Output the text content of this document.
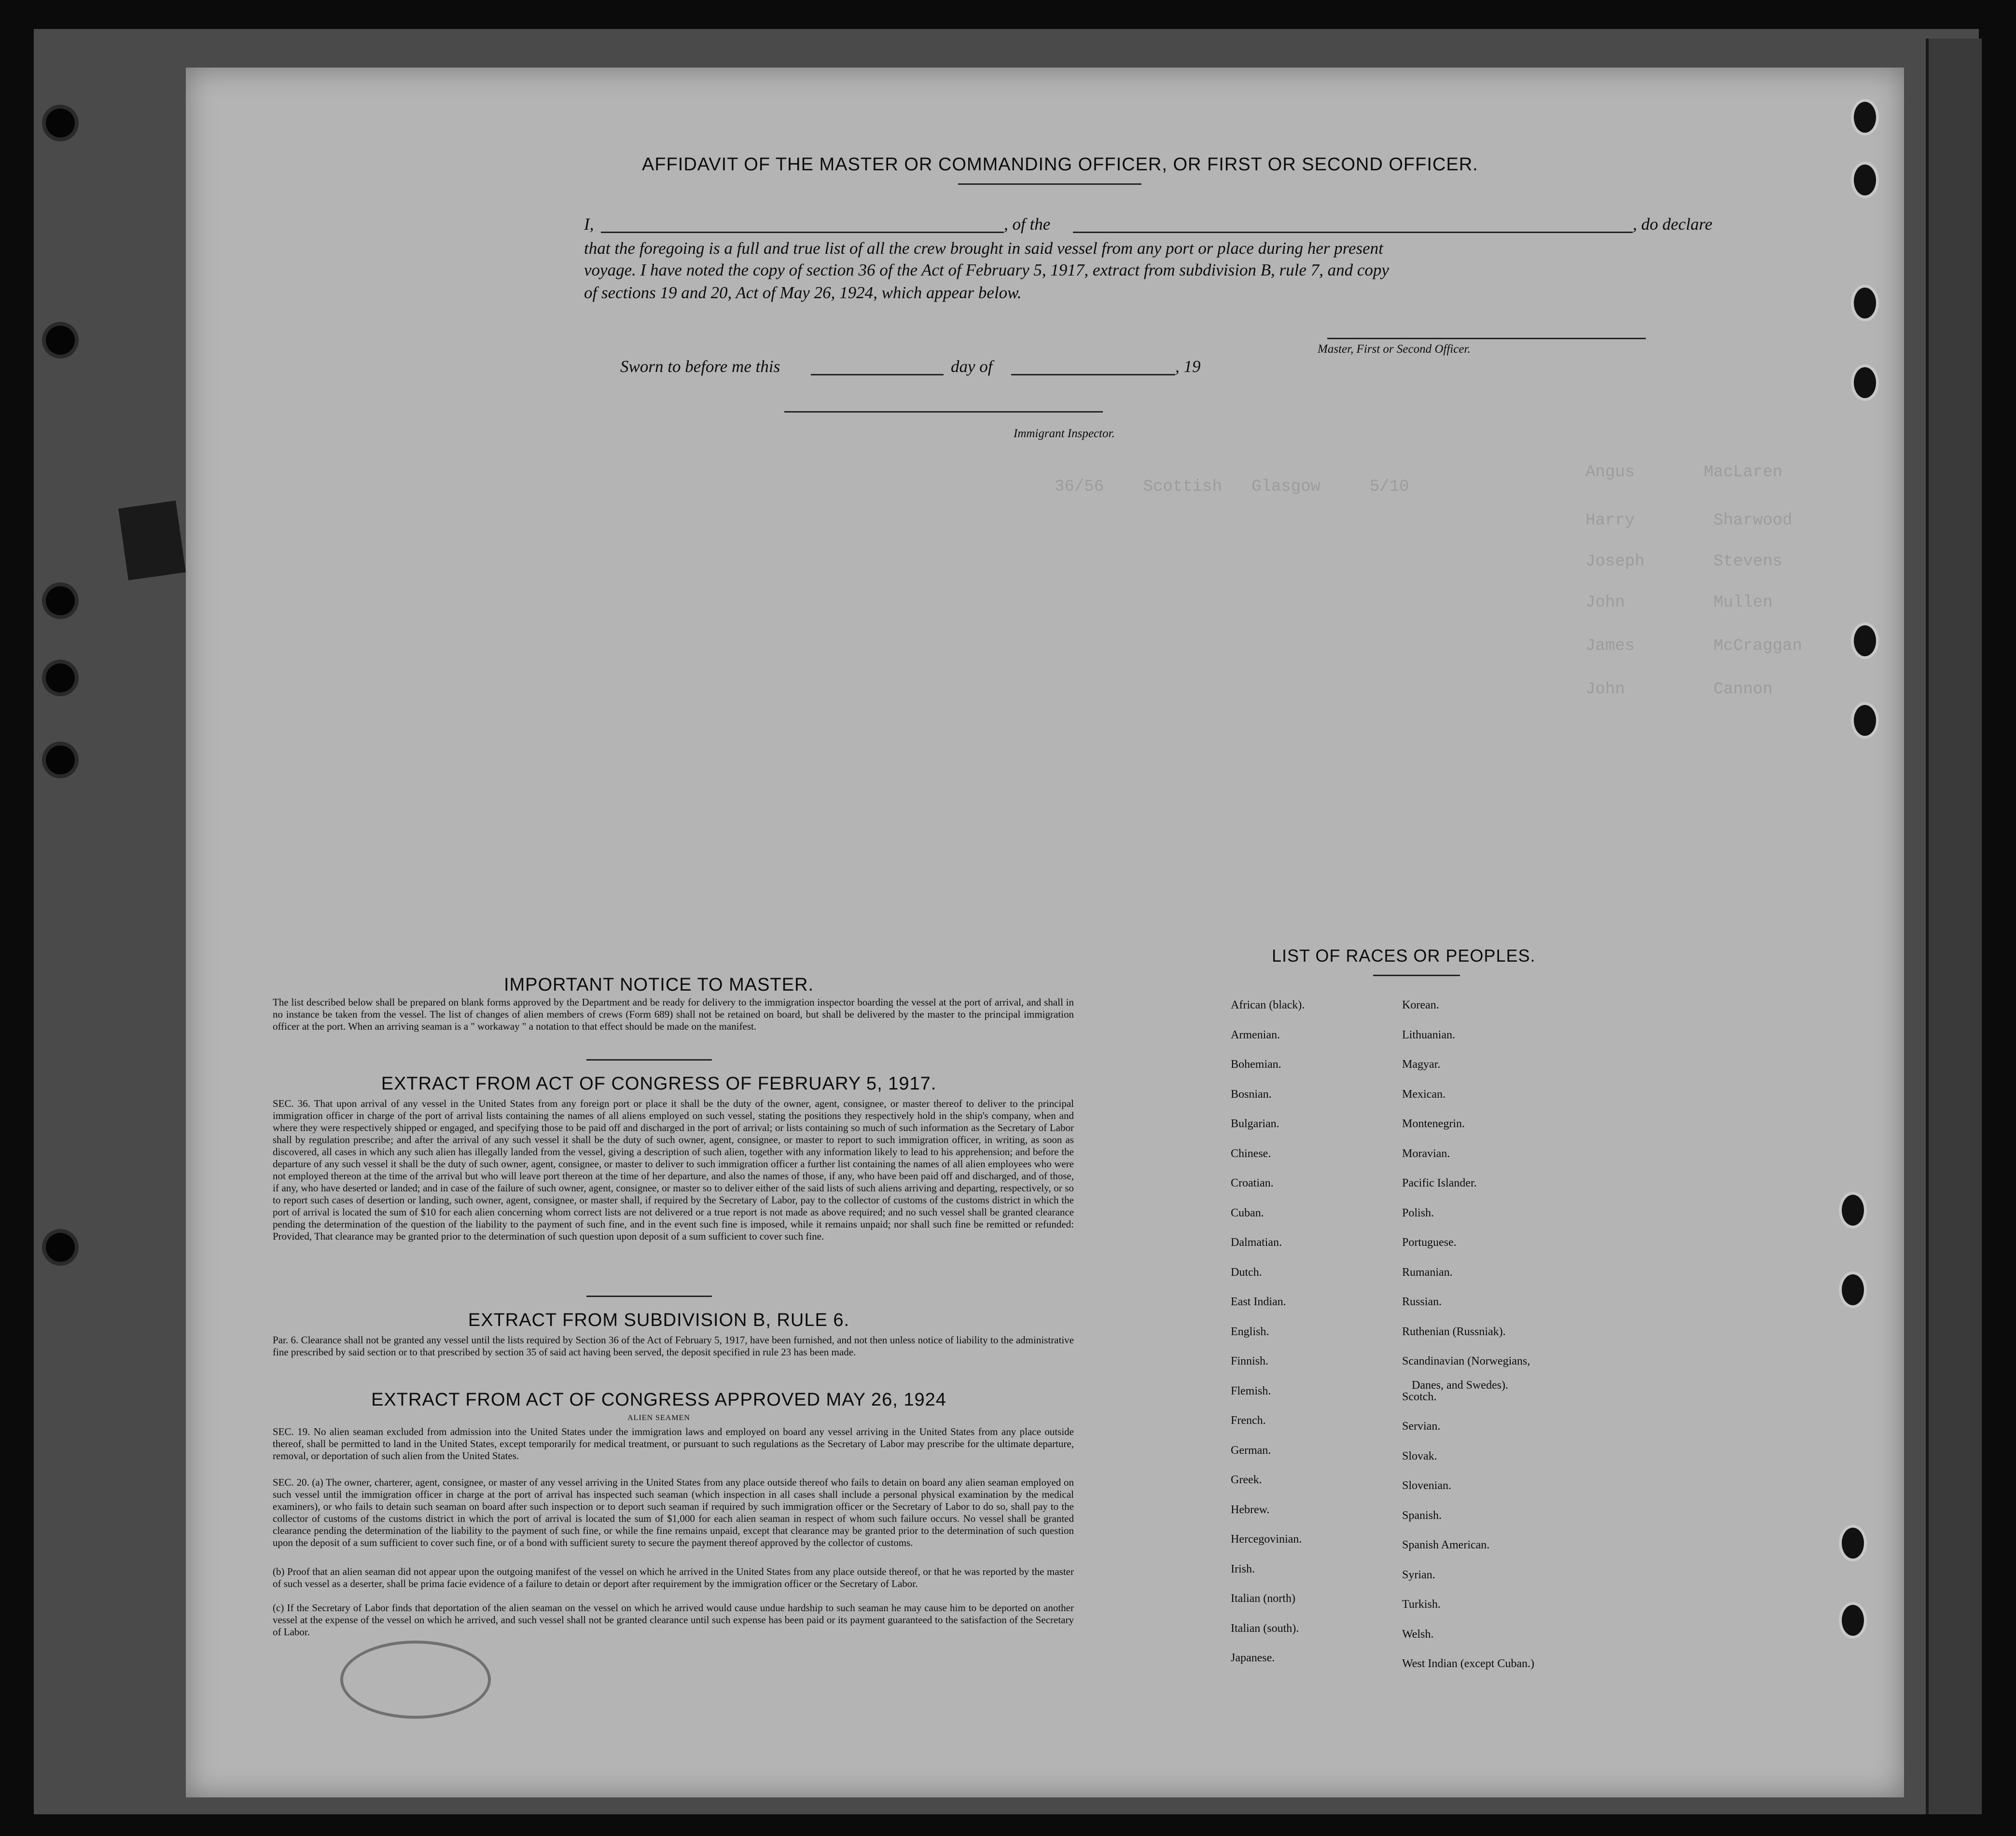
Angus       MacLaren
Harry        Sharwood
Joseph       Stevens
John         Mullen
James        McCraggan
John         Cannon
36/56    Scottish   Glasgow     5/10
AFFIDAVIT OF THE MASTER OR COMMANDING OFFICER, OR FIRST OR SECOND OFFICER.
I,	, of the	, do declare
that the foregoing is a full and true list of all the crew brought in said vessel from any port or place during her present
voyage. I have noted the copy of section 36 of the Act of February 5, 1917, extract from subdivision B, rule 7, and copy
of sections 19 and 20, Act of May 26, 1924, which appear below.
Master, First or Second Officer.
Sworn to before me this	day of	, 19
Immigrant Inspector.
IMPORTANT NOTICE TO MASTER.
The list described below shall be prepared on blank forms approved by the Department and be ready for delivery to the immigration inspector boarding the vessel at the port of arrival, and shall in no instance be taken from the vessel. The list of changes of alien members of crews (Form 689) shall not be retained on board, but shall be delivered by the master to the principal immigration officer at the port. When an arriving seaman is a " workaway " a notation to that effect should be made on the manifest.
EXTRACT FROM ACT OF CONGRESS OF FEBRUARY 5, 1917.
SEC. 36. That upon arrival of any vessel in the United States from any foreign port or place it shall be the duty of the owner, agent, consignee, or master thereof to deliver to the principal immigration officer in charge of the port of arrival lists containing the names of all aliens employed on such vessel, stating the positions they respectively hold in the ship's company, when and where they were respectively shipped or engaged, and specifying those to be paid off and discharged in the port of arrival; or lists containing so much of such information as the Secretary of Labor shall by regulation prescribe; and after the arrival of any such vessel it shall be the duty of such owner, agent, consignee, or master to report to such immigration officer, in writing, as soon as discovered, all cases in which any such alien has illegally landed from the vessel, giving a description of such alien, together with any information likely to lead to his apprehension; and before the departure of any such vessel it shall be the duty of such owner, agent, consignee, or master to deliver to such immigration officer a further list containing the names of all alien employees who were not employed thereon at the time of the arrival but who will leave port thereon at the time of her departure, and also the names of those, if any, who have been paid off and discharged, and of those, if any, who have deserted or landed; and in case of the failure of such owner, agent, consignee, or master so to deliver either of the said lists of such aliens arriving and departing, respectively, or so to report such cases of desertion or landing, such owner, agent, consignee, or master shall, if required by the Secretary of Labor, pay to the collector of customs of the customs district in which the port of arrival is located the sum of $10 for each alien concerning whom correct lists are not delivered or a true report is not made as above required; and no such vessel shall be granted clearance pending the determination of the question of the liability to the payment of such fine, and in the event such fine is imposed, while it remains unpaid; nor shall such fine be remitted or refunded: Provided, That clearance may be granted prior to the determination of such question upon deposit of a sum sufficient to cover such fine.
EXTRACT FROM SUBDIVISION B, RULE 6.
Par. 6. Clearance shall not be granted any vessel until the lists required by Section 36 of the Act of February 5, 1917, have been furnished, and not then unless notice of liability to the administrative fine prescribed by said section or to that prescribed by section 35 of said act having been served, the deposit specified in rule 23 has been made.
EXTRACT FROM ACT OF CONGRESS APPROVED MAY 26, 1924
ALIEN SEAMEN
SEC. 19. No alien seaman excluded from admission into the United States under the immigration laws and employed on board any vessel arriving in the United States from any place outside thereof, shall be permitted to land in the United States, except temporarily for medical treatment, or pursuant to such regulations as the Secretary of Labor may prescribe for the ultimate departure, removal, or deportation of such alien from the United States.
SEC. 20. (a) The owner, charterer, agent, consignee, or master of any vessel arriving in the United States from any place outside thereof who fails to detain on board any alien seaman employed on such vessel until the immigration officer in charge at the port of arrival has inspected such seaman (which inspection in all cases shall include a personal physical examination by the medical examiners), or who fails to detain such seaman on board after such inspection or to deport such seaman if required by such immigration officer or the Secretary of Labor to do so, shall pay to the collector of customs of the customs district in which the port of arrival is located the sum of $1,000 for each alien seaman in respect of whom such failure occurs. No vessel shall be granted clearance pending the determination of the liability to the payment of such fine, or while the fine remains unpaid, except that clearance may be granted prior to the determination of such question upon the deposit of a sum sufficient to cover such fine, or of a bond with sufficient surety to secure the payment thereof approved by the collector of customs.
(b) Proof that an alien seaman did not appear upon the outgoing manifest of the vessel on which he arrived in the United States from any place outside thereof, or that he was reported by the master of such vessel as a deserter, shall be prima facie evidence of a failure to detain or deport after requirement by the immigration officer or the Secretary of Labor.
(c) If the Secretary of Labor finds that deportation of the alien seaman on the vessel on which he arrived would cause undue hardship to such seaman he may cause him to be deported on another vessel at the expense of the vessel on which he arrived, and such vessel shall not be granted clearance until such expense has been paid or its payment guaranteed to the satisfaction of the Secretary of Labor.
LIST OF RACES OR PEOPLES.
Danes, and Swedes).
African (black).
Armenian.
Bohemian.
Bosnian.
Bulgarian.
Chinese.
Croatian.
Cuban.
Dalmatian.
Dutch.
East Indian.
English.
Finnish.
Flemish.
French.
German.
Greek.
Hebrew.
Hercegovinian.
Irish.
Italian (north)
Italian (south).
Japanese.
Korean.
Lithuanian.
Magyar.
Mexican.
Montenegrin.
Moravian.
Pacific Islander.
Polish.
Portuguese.
Rumanian.
Russian.
Ruthenian (Russniak).
Scandinavian (Norwegians,
Scotch.
Servian.
Slovak.
Slovenian.
Spanish.
Spanish American.
Syrian.
Turkish.
Welsh.
West Indian (except Cuban.)
